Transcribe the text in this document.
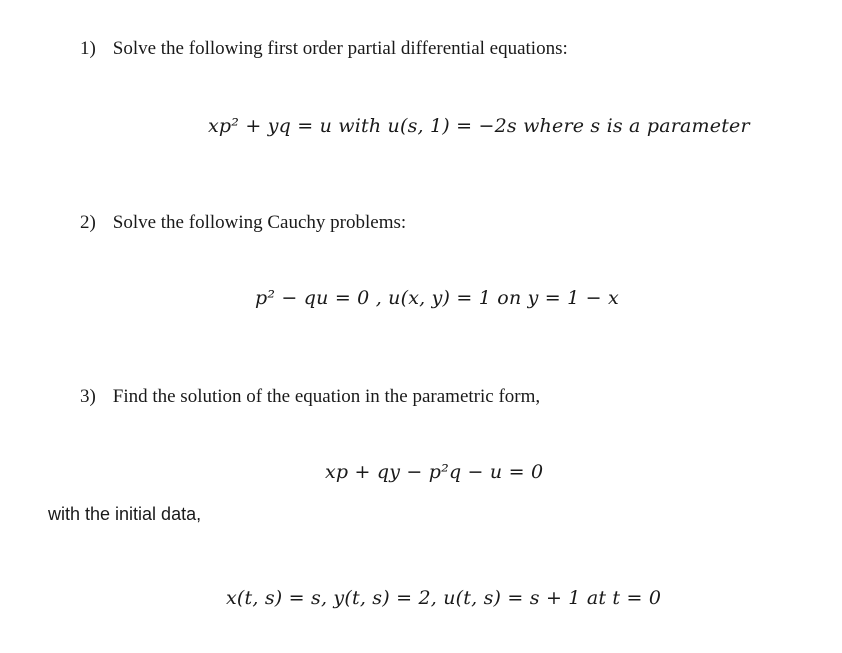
1) Solve the following first order partial differential equations:
xp² + yq = u with u(s, 1) = −2s where s is a parameter
2) Solve the following Cauchy problems:
p² − qu = 0 , u(x, y) = 1 on y = 1 − x
3) Find the solution of the equation in the parametric form,
xp + qy − p²q − u = 0
with the initial data,
x(t, s) = s, y(t, s) = 2, u(t, s) = s + 1 at t = 0
